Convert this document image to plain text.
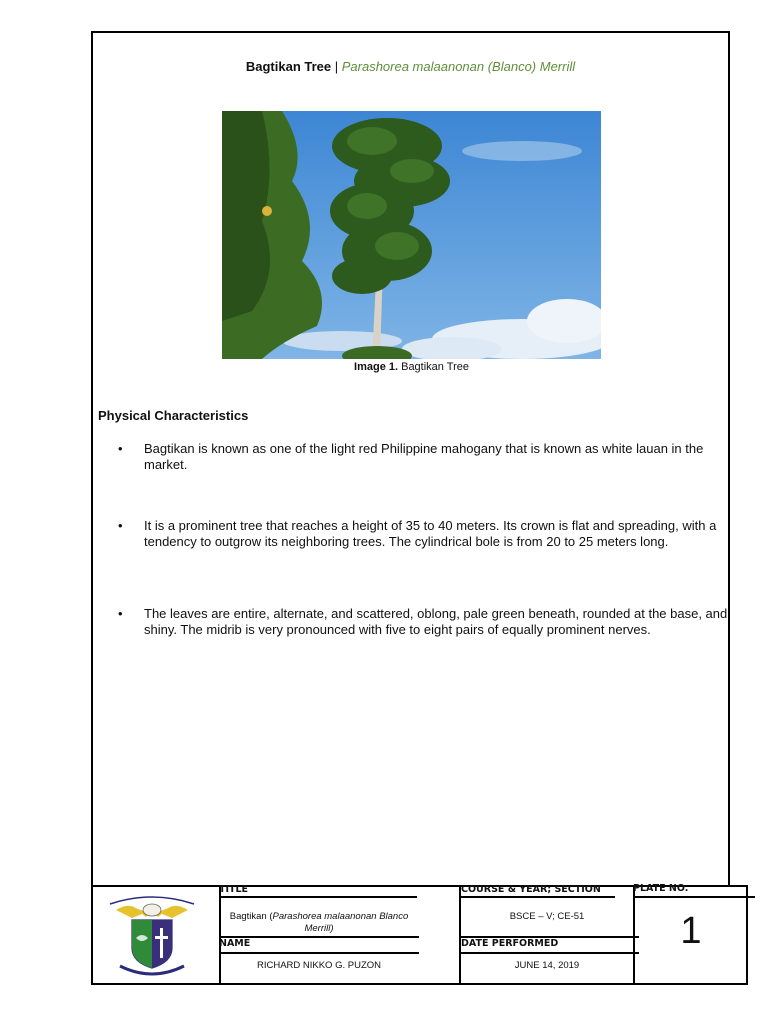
Bagtikan Tree | Parashorea malaanonan (Blanco) Merrill
Image 1. Bagtikan Tree
Physical Characteristics
• Bagtikan is known as one of the light red Philippine mahogany that is known as white lauan in the market.
• It is a prominent tree that reaches a height of 35 to 40 meters. Its crown is flat and spreading, with a tendency to outgrow its neighboring trees. The cylindrical bole is from 20 to 25 meters long.
• The leaves are entire, alternate, and scattered, oblong, pale green beneath, rounded at the base, and shiny. The midrib is very pronounced with five to eight pairs of equally prominent nerves.
TITLE
Bagtikan (Parashorea malaanonan Blanco Merrill)
COURSE & YEAR; SECTION
BSCE – V; CE-51
PLATE NO.
1
NAME
RICHARD NIKKO G. PUZON
DATE PERFORMED
JUNE 14, 2019
